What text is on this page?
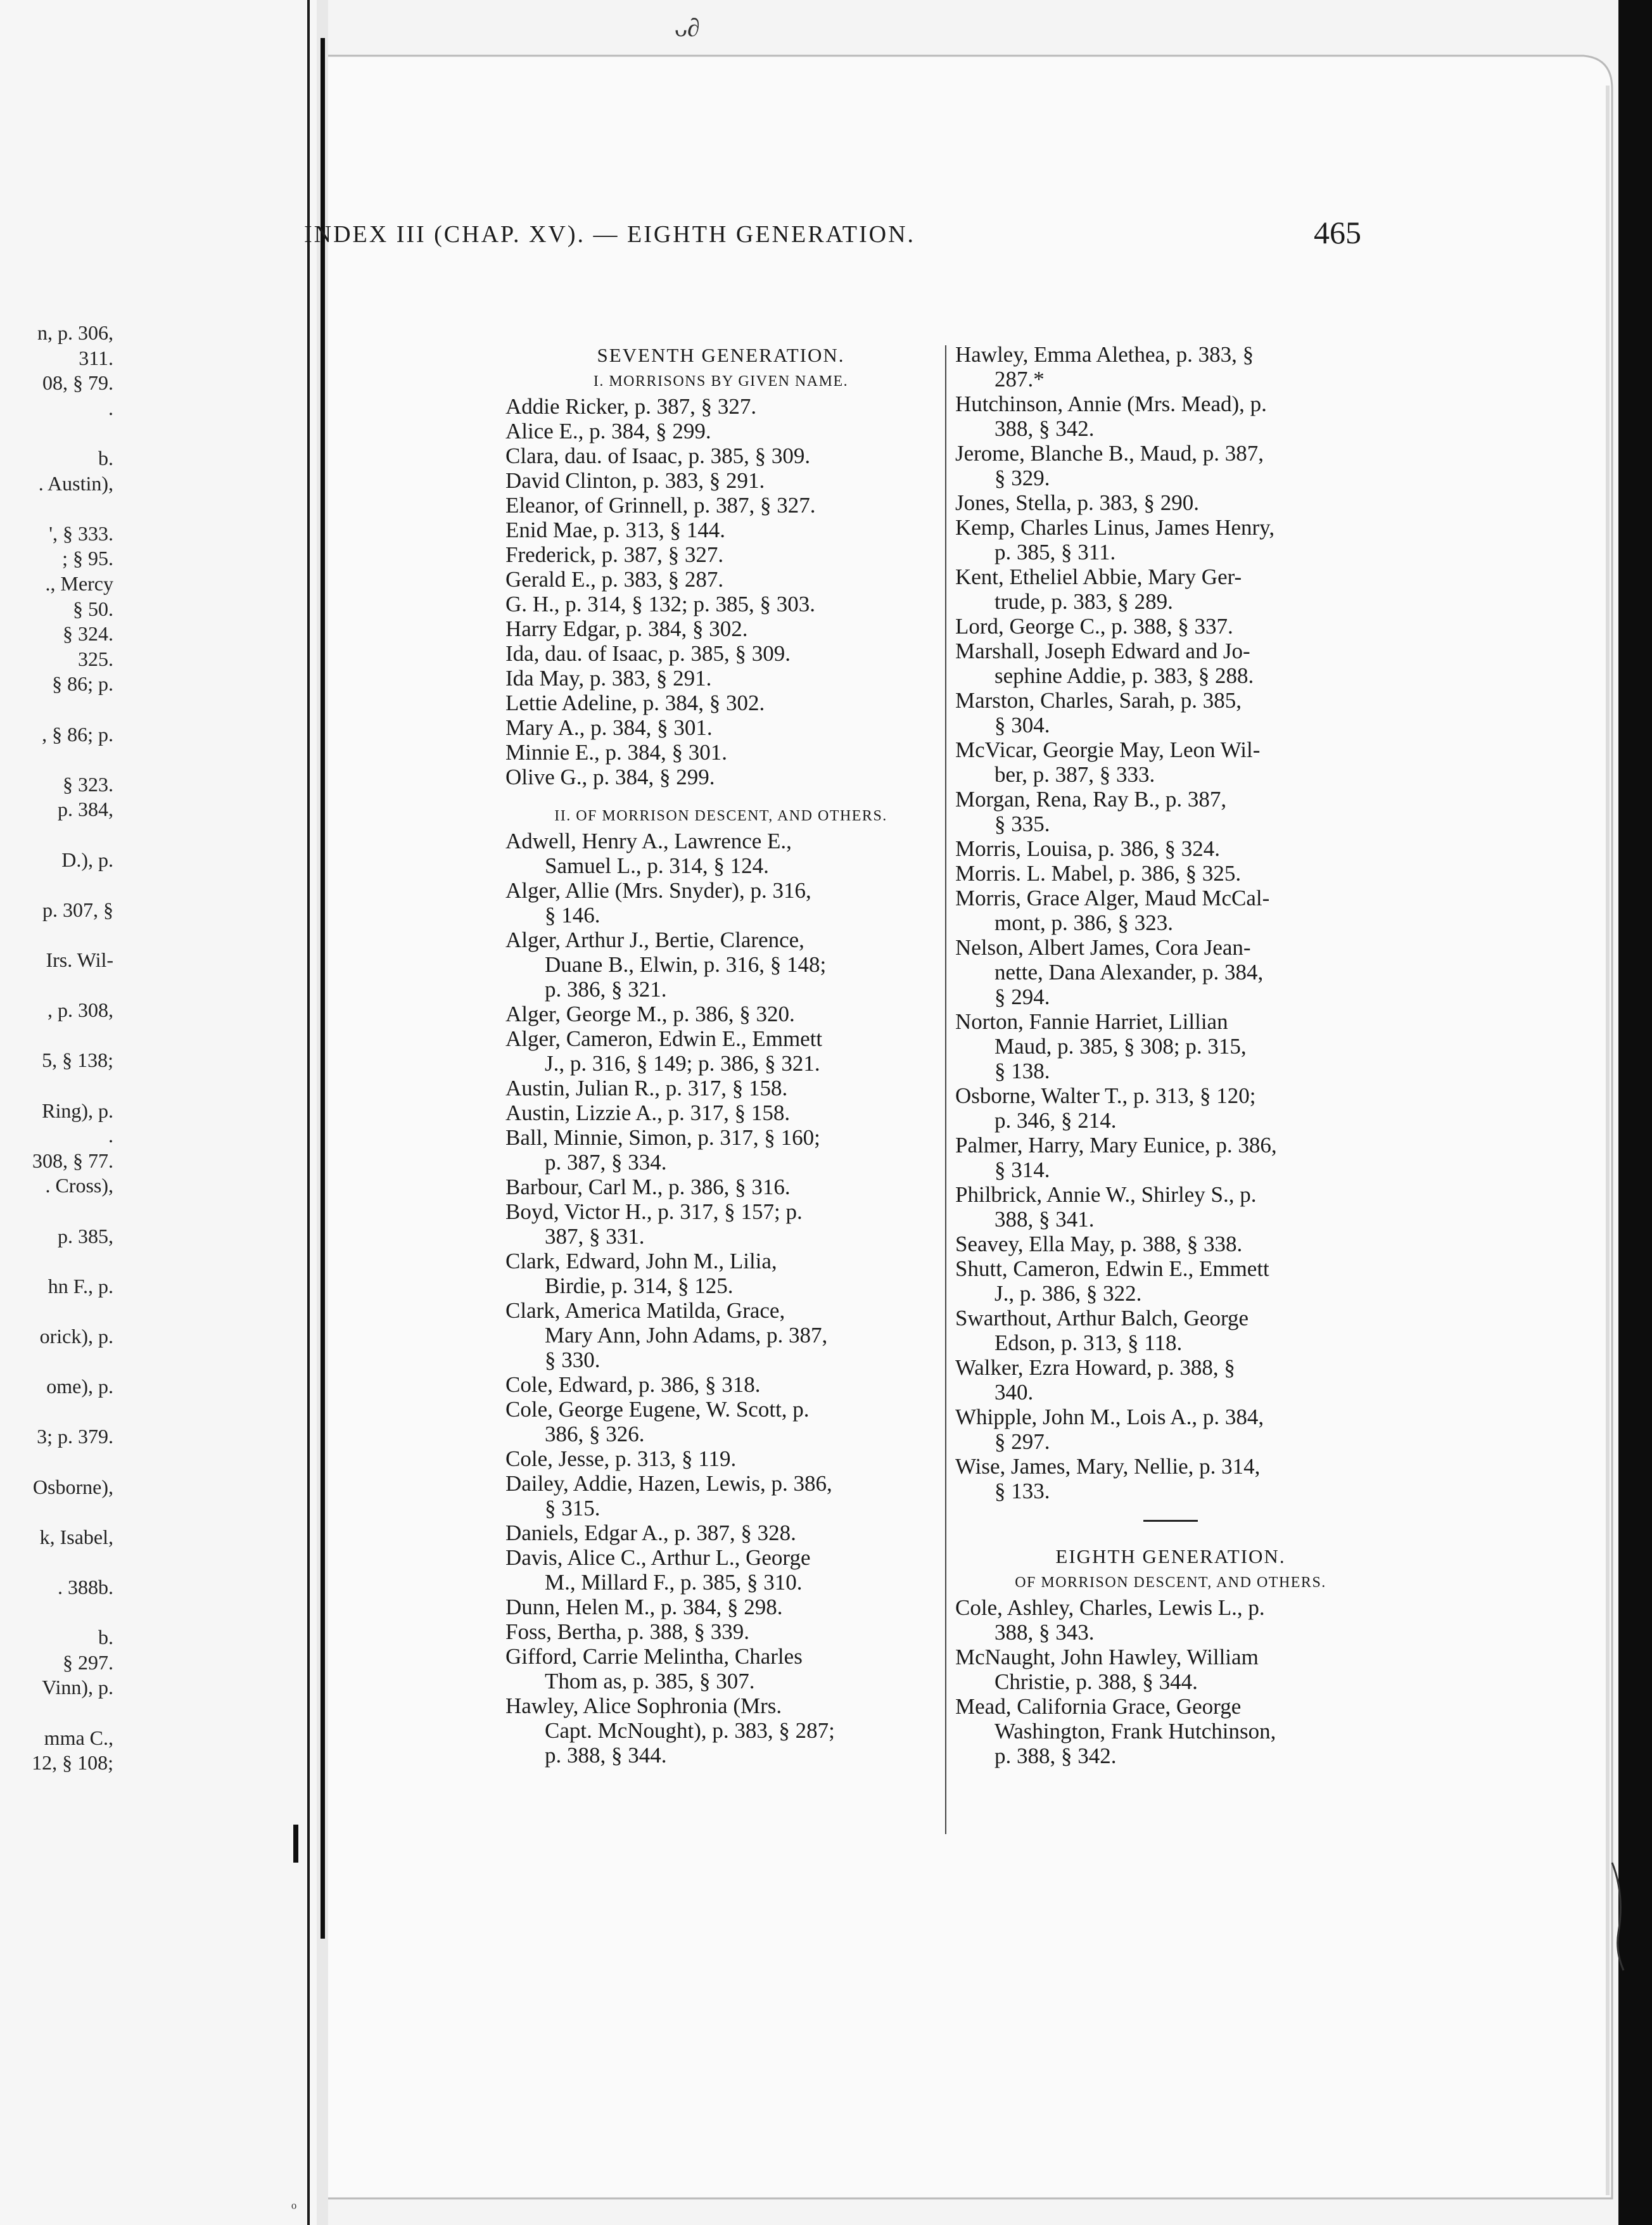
ᴗ∂
ᵒ
n, p. 306,
311.
08, § 79.
.
b.
. Austin),
', § 333.
; § 95.
., Mercy
§ 50.
§ 324.
325.
§ 86; p.
, § 86; p.
§ 323.
p. 384,
D.), p.
p. 307, §
Irs. Wil-
, p. 308,
5, § 138;
Ring), p.
.
308, § 77.
. Cross),
p. 385,
hn F., p.
orick), p.
ome), p.
3; p. 379.
Osborne),
k, Isabel,
. 388b.
b.
§ 297.
Vinn), p.
mma C.,
12, § 108;
INDEX III (CHAP. XV). — EIGHTH GENERATION.	465
SEVENTH GENERATION.
I. MORRISONS BY GIVEN NAME.
Addie Ricker, p. 387, § 327.
Alice E., p. 384, § 299.
Clara, dau. of Isaac, p. 385, § 309.
David Clinton, p. 383, § 291.
Eleanor, of Grinnell, p. 387, § 327.
Enid Mae, p. 313, § 144.
Frederick, p. 387, § 327.
Gerald E., p. 383, § 287.
G. H., p. 314, § 132; p. 385, § 303.
Harry Edgar, p. 384, § 302.
Ida, dau. of Isaac, p. 385, § 309.
Ida May, p. 383, § 291.
Lettie Adeline, p. 384, § 302.
Mary A., p. 384, § 301.
Minnie E., p. 384, § 301.
Olive G., p. 384, § 299.
II. OF MORRISON DESCENT, AND OTHERS.
Adwell, Henry A., Lawrence E.,
Samuel L., p. 314, § 124.
Alger, Allie (Mrs. Snyder), p. 316,
§ 146.
Alger, Arthur J., Bertie, Clarence,
Duane B., Elwin, p. 316, § 148;
p. 386, § 321.
Alger, George M., p. 386, § 320.
Alger, Cameron, Edwin E., Emmett
J., p. 316, § 149; p. 386, § 321.
Austin, Julian R., p. 317, § 158.
Austin, Lizzie A., p. 317, § 158.
Ball, Minnie, Simon, p. 317, § 160;
p. 387, § 334.
Barbour, Carl M., p. 386, § 316.
Boyd, Victor H., p. 317, § 157; p.
387, § 331.
Clark, Edward, John M., Lilia,
Birdie, p. 314, § 125.
Clark, America Matilda, Grace,
Mary Ann, John Adams, p. 387,
§ 330.
Cole, Edward, p. 386, § 318.
Cole, George Eugene, W. Scott, p.
386, § 326.
Cole, Jesse, p. 313, § 119.
Dailey, Addie, Hazen, Lewis, p. 386,
§ 315.
Daniels, Edgar A., p. 387, § 328.
Davis, Alice C., Arthur L., George
M., Millard F., p. 385, § 310.
Dunn, Helen M., p. 384, § 298.
Foss, Bertha, p. 388, § 339.
Gifford, Carrie Melintha, Charles
Thom as, p. 385, § 307.
Hawley, Alice Sophronia (Mrs.
Capt. McNought), p. 383, § 287;
p. 388, § 344.
Hawley, Emma Alethea, p. 383, §
287.*
Hutchinson, Annie (Mrs. Mead), p.
388, § 342.
Jerome, Blanche B., Maud, p. 387,
§ 329.
Jones, Stella, p. 383, § 290.
Kemp, Charles Linus, James Henry,
p. 385, § 311.
Kent, Etheliel Abbie, Mary Ger-
trude, p. 383, § 289.
Lord, George C., p. 388, § 337.
Marshall, Joseph Edward and Jo-
sephine Addie, p. 383, § 288.
Marston, Charles, Sarah, p. 385,
§ 304.
McVicar, Georgie May, Leon Wil-
ber, p. 387, § 333.
Morgan, Rena, Ray B., p. 387,
§ 335.
Morris, Louisa, p. 386, § 324.
Morris. L. Mabel, p. 386, § 325.
Morris, Grace Alger, Maud McCal-
mont, p. 386, § 323.
Nelson, Albert James, Cora Jean-
nette, Dana Alexander, p. 384,
§ 294.
Norton, Fannie Harriet, Lillian
Maud, p. 385, § 308; p. 315,
§ 138.
Osborne, Walter T., p. 313, § 120;
p. 346, § 214.
Palmer, Harry, Mary Eunice, p. 386,
§ 314.
Philbrick, Annie W., Shirley S., p.
388, § 341.
Seavey, Ella May, p. 388, § 338.
Shutt, Cameron, Edwin E., Emmett
J., p. 386, § 322.
Swarthout, Arthur Balch, George
Edson, p. 313, § 118.
Walker, Ezra Howard, p. 388, §
340.
Whipple, John M., Lois A., p. 384,
§ 297.
Wise, James, Mary, Nellie, p. 314,
§ 133.
EIGHTH GENERATION.
OF MORRISON DESCENT, AND OTHERS.
Cole, Ashley, Charles, Lewis L., p.
388, § 343.
McNaught, John Hawley, William
Christie, p. 388, § 344.
Mead, California Grace, George
Washington, Frank Hutchinson,
p. 388, § 342.
